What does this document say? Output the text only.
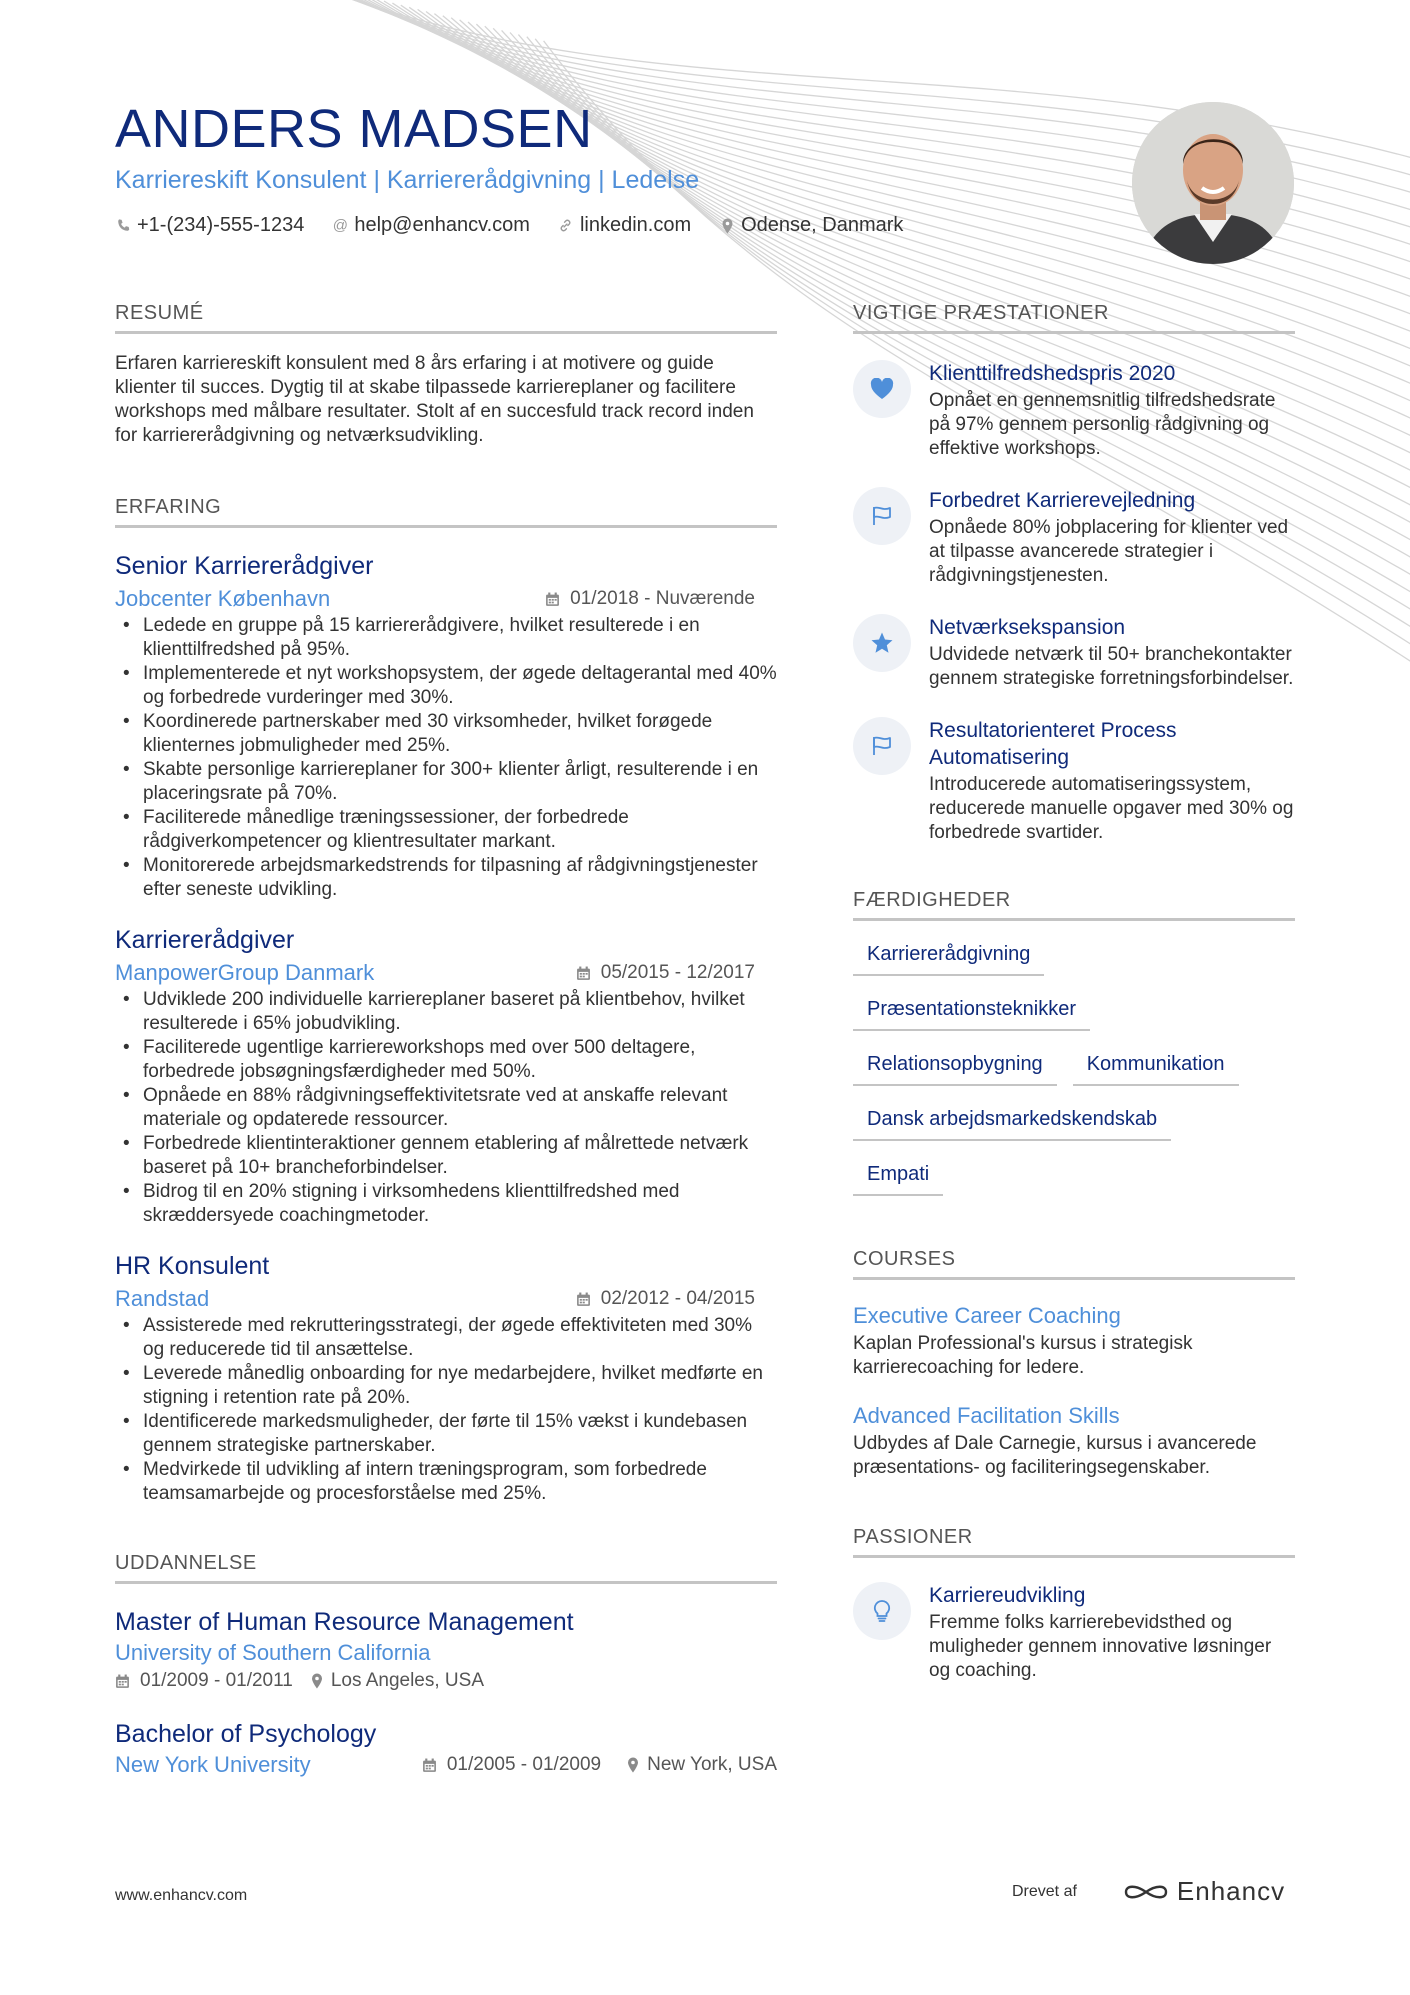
ANDERS MADSEN
Karriereskift Konsulent | Karriererådgivning | Ledelse
+1-(234)-555-1234 @ help@enhancv.com	linkedin.com	Odense, Danmark
RESUMÉ
Erfaren karriereskift konsulent med 8 års erfaring i at motivere og guide klienter til succes. Dygtig til at skabe tilpassede karriereplaner og facilitere workshops med målbare resultater. Stolt af en succesfuld track record inden for karriererådgivning og netværksudvikling.
ERFARING
Senior Karriererådgiver
Jobcenter København	01/2018 - Nuværende
• Ledede en gruppe på 15 karriererådgivere, hvilket resulterede i en klienttilfredshed på 95%.
• Implementerede et nyt workshopsystem, der øgede deltagerantal med 40% og forbedrede vurderinger med 30%.
• Koordinerede partnerskaber med 30 virksomheder, hvilket forøgede klienternes jobmuligheder med 25%.
• Skabte personlige karriereplaner for 300+ klienter årligt, resulterende i en placeringsrate på 70%.
• Faciliterede månedlige træningssessioner, der forbedrede rådgiverkompetencer og klientresultater markant.
• Monitorerede arbejdsmarkedstrends for tilpasning af rådgivningstjenester efter seneste udvikling.
Karriererådgiver
ManpowerGroup Danmark	05/2015 - 12/2017
• Udviklede 200 individuelle karriereplaner baseret på klientbehov, hvilket resulterede i 65% jobudvikling.
• Faciliterede ugentlige karriereworkshops med over 500 deltagere, forbedrede jobsøgningsfærdigheder med 50%.
• Opnåede en 88% rådgivningseffektivitetsrate ved at anskaffe relevant materiale og opdaterede ressourcer.
• Forbedrede klientinteraktioner gennem etablering af målrettede netværk baseret på 10+ brancheforbindelser.
• Bidrog til en 20% stigning i virksomhedens klienttilfredshed med skræddersyede coachingmetoder.
HR Konsulent
Randstad	02/2012 - 04/2015
• Assisterede med rekrutteringsstrategi, der øgede effektiviteten med 30% og reducerede tid til ansættelse.
• Leverede månedlig onboarding for nye medarbejdere, hvilket medførte en stigning i retention rate på 20%.
• Identificerede markedsmuligheder, der førte til 15% vækst i kundebasen gennem strategiske partnerskaber.
• Medvirkede til udvikling af intern træningsprogram, som forbedrede teamsamarbejde og procesforståelse med 25%.
UDDANNELSE
Master of Human Resource Management
University of Southern California
01/2009 - 01/2011 Los Angeles, USA
Bachelor of Psychology
New York University	01/2005 - 01/2009 New York, USA
VIGTIGE PRÆSTATIONER
Klienttilfredshedspris 2020
Opnået en gennemsnitlig tilfredshedsrate på 97% gennem personlig rådgivning og effektive workshops.
Forbedret Karrierevejledning
Opnåede 80% jobplacering for klienter ved at tilpasse avancerede strategier i rådgivningstjenesten.
Netværksekspansion
Udvidede netværk til 50+ branchekontakter gennem strategiske forretningsforbindelser.
Resultatorienteret Process Automatisering
Introducerede automatiseringssystem, reducerede manuelle opgaver med 30% og forbedrede svartider.
FÆRDIGHEDER
Karriererådgivning
Præsentationsteknikker
Relationsopbygning	Kommunikation
Dansk arbejdsmarkedskendskab
Empati
COURSES
Executive Career Coaching
Kaplan Professional's kursus i strategisk karrierecoaching for ledere.
Advanced Facilitation Skills
Udbydes af Dale Carnegie, kursus i avancerede præsentations- og faciliteringsegenskaber.
PASSIONER
Karriereudvikling
Fremme folks karrierebevidsthed og muligheder gennem innovative løsninger og coaching.
www.enhancv.com	Drevet af	Enhancv
